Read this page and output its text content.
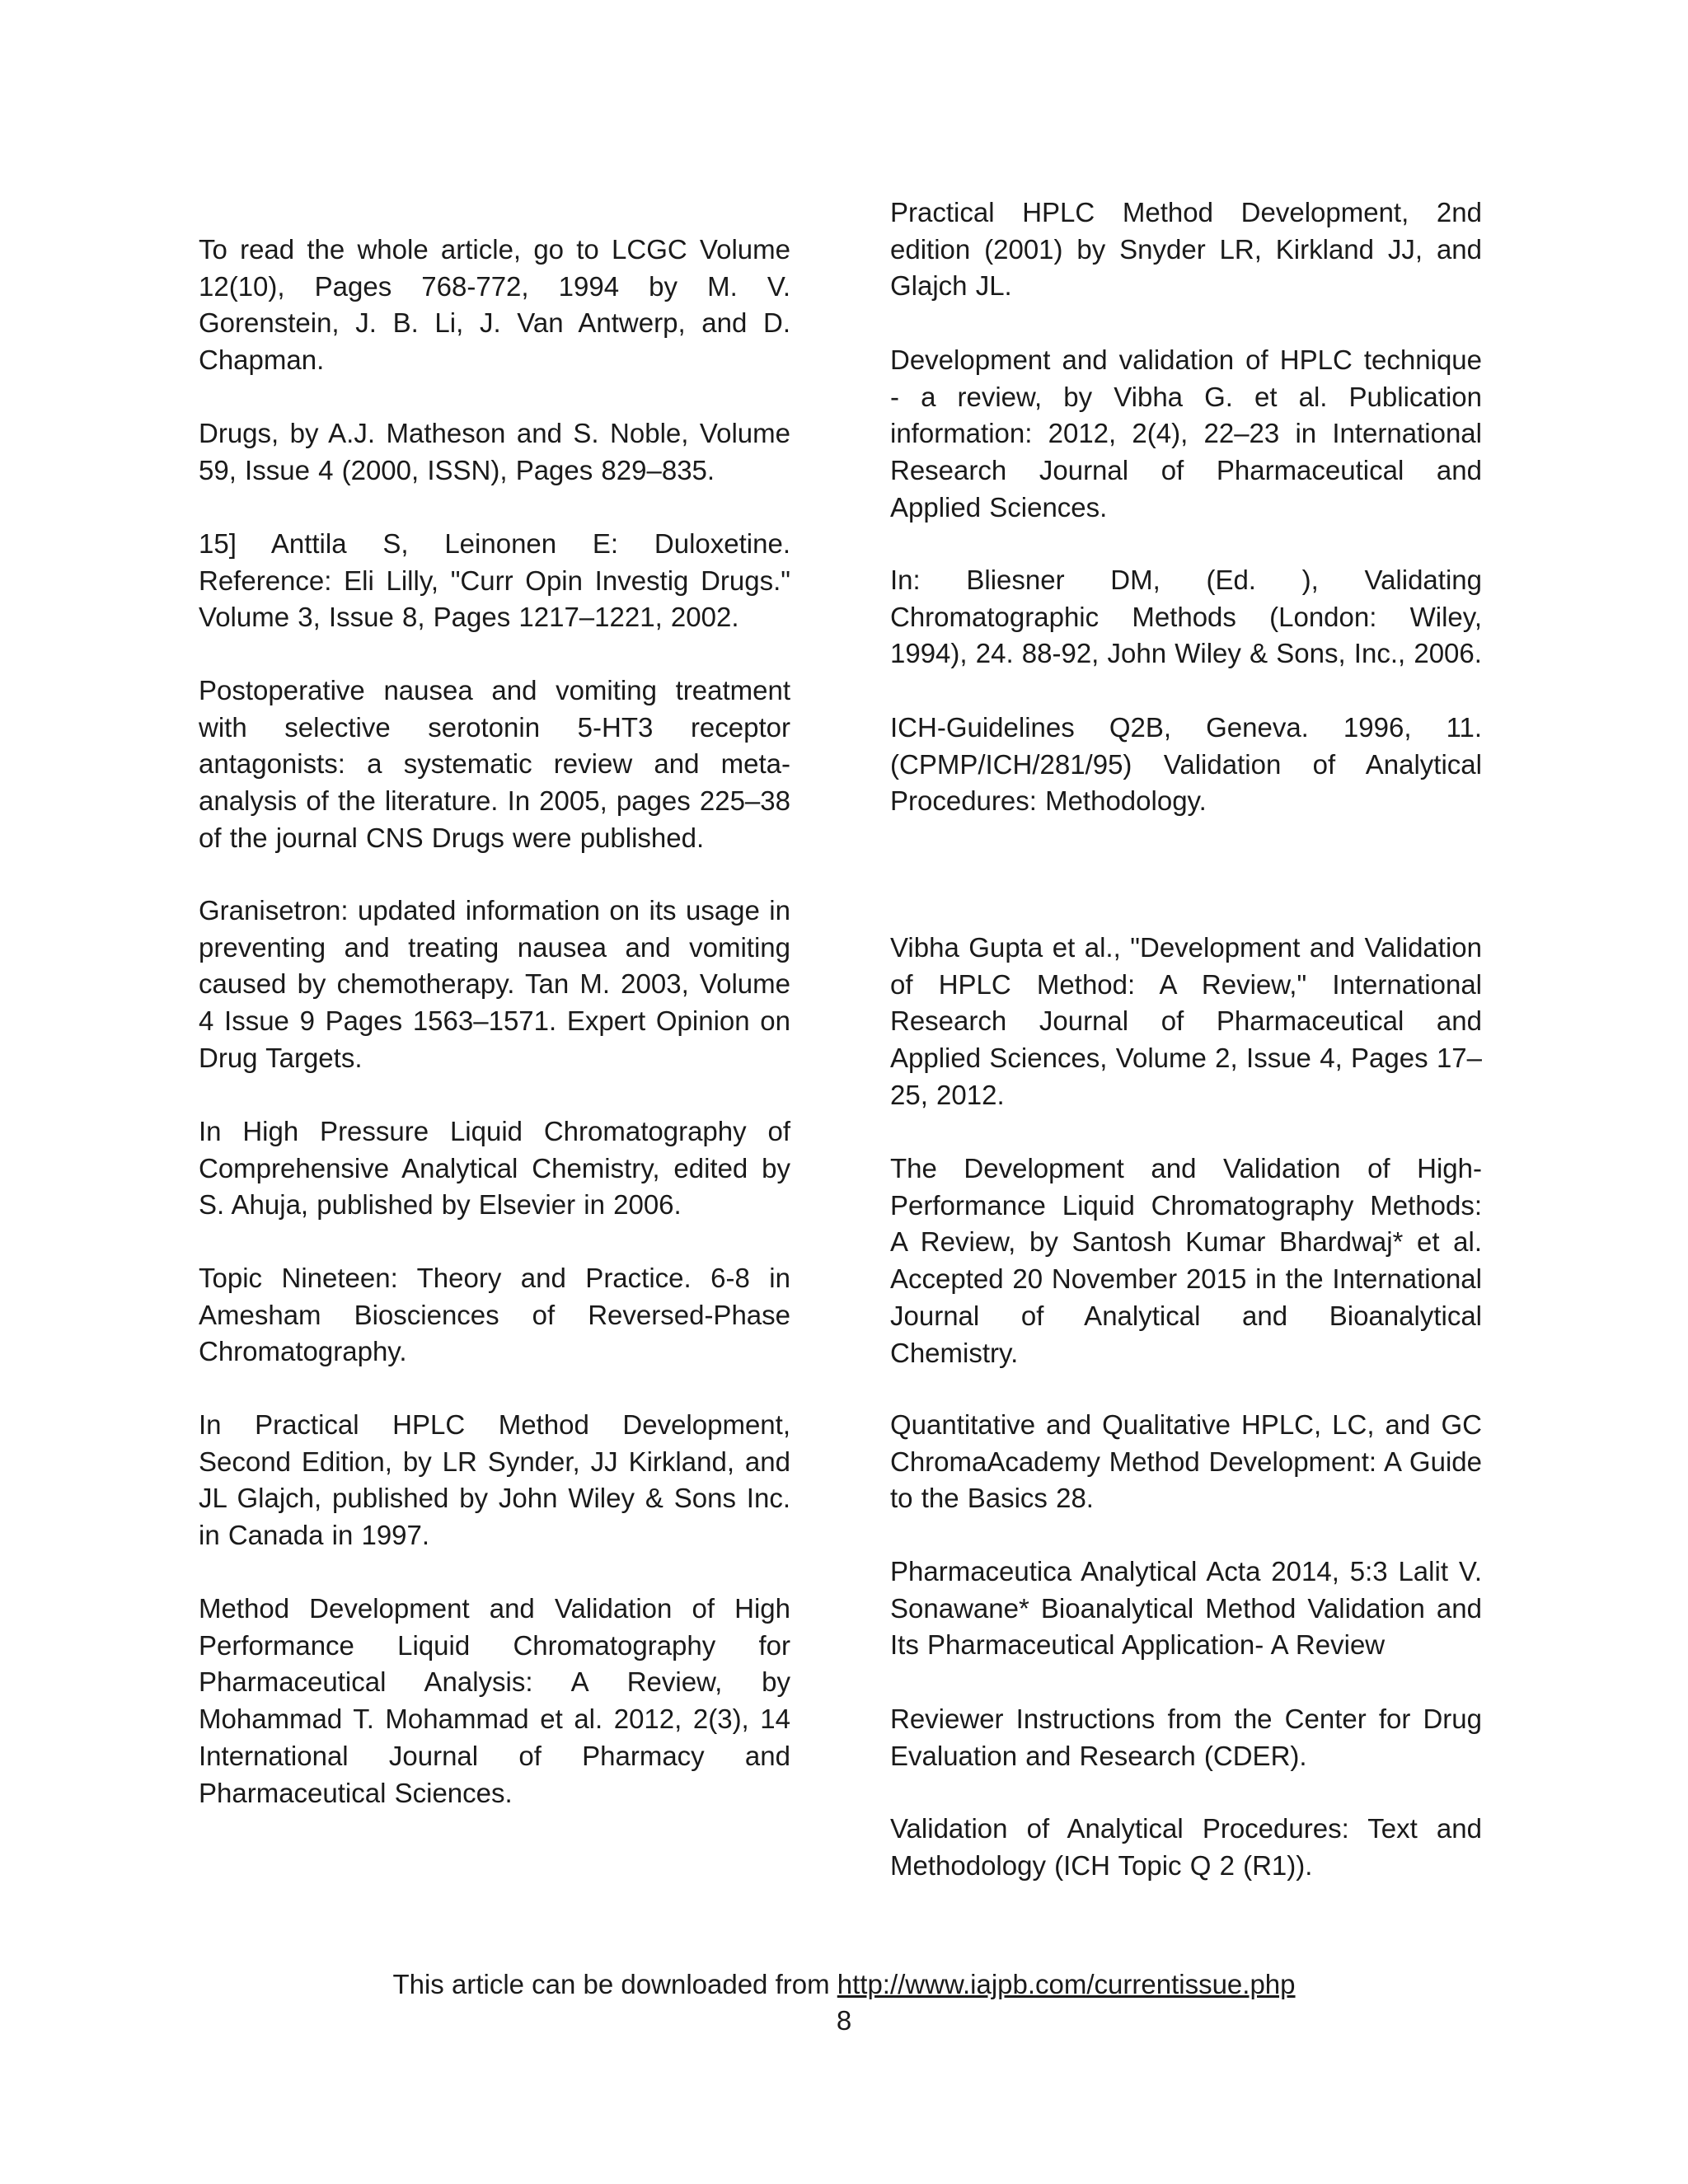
To read the whole article, go to LCGC Volume 12(10), Pages 768-772, 1994 by M. V. Gorenstein, J. B. Li, J. Van Antwerp, and D. Chapman.

Drugs, by A.J. Matheson and S. Noble, Volume 59, Issue 4 (2000, ISSN), Pages 829–835.

15] Anttila S, Leinonen E: Duloxetine. Reference: Eli Lilly, "Curr Opin Investig Drugs." Volume 3, Issue 8, Pages 1217–1221, 2002.

Postoperative nausea and vomiting treatment with selective serotonin 5-HT3 receptor antagonists: a systematic review and meta-analysis of the literature. In 2005, pages 225–38 of the journal CNS Drugs were published.

Granisetron: updated information on its usage in preventing and treating nausea and vomiting caused by chemotherapy. Tan M. 2003, Volume 4 Issue 9 Pages 1563–1571. Expert Opinion on Drug Targets.

In High Pressure Liquid Chromatography of Comprehensive Analytical Chemistry, edited by S. Ahuja, published by Elsevier in 2006.

Topic Nineteen: Theory and Practice. 6-8 in Amesham Biosciences of Reversed-Phase Chromatography.

In Practical HPLC Method Development, Second Edition, by LR Synder, JJ Kirkland, and JL Glajch, published by John Wiley & Sons Inc. in Canada in 1997.

Method Development and Validation of High Performance Liquid Chromatography for Pharmaceutical Analysis: A Review, by Mohammad T. Mohammad et al. 2012, 2(3), 14 International Journal of Pharmacy and Pharmaceutical Sciences.

Practical HPLC Method Development, 2nd edition (2001) by Snyder LR, Kirkland JJ, and Glajch JL.

Development and validation of HPLC technique - a review, by Vibha G. et al. Publication information: 2012, 2(4), 22–23 in International Research Journal of Pharmaceutical and Applied Sciences.

In: Bliesner DM, (Ed. ), Validating Chromatographic Methods (London: Wiley, 1994), 24. 88-92, John Wiley & Sons, Inc., 2006.

ICH-Guidelines Q2B, Geneva. 1996, 11. (CPMP/ICH/281/95) Validation of Analytical Procedures: Methodology.

Vibha Gupta et al., "Development and Validation of HPLC Method: A Review," International Research Journal of Pharmaceutical and Applied Sciences, Volume 2, Issue 4, Pages 17–25, 2012.

The Development and Validation of High-Performance Liquid Chromatography Methods: A Review, by Santosh Kumar Bhardwaj* et al. Accepted 20 November 2015 in the International Journal of Analytical and Bioanalytical Chemistry.

Quantitative and Qualitative HPLC, LC, and GC ChromaAcademy Method Development: A Guide to the Basics 28.

Pharmaceutica Analytical Acta 2014, 5:3 Lalit V. Sonawane* Bioanalytical Method Validation and Its Pharmaceutical Application- A Review

Reviewer Instructions from the Center for Drug Evaluation and Research (CDER).

Validation of Analytical Procedures: Text and Methodology (ICH Topic Q 2 (R1)).

This article can be downloaded from http://www.iajpb.com/currentissue.php
8
